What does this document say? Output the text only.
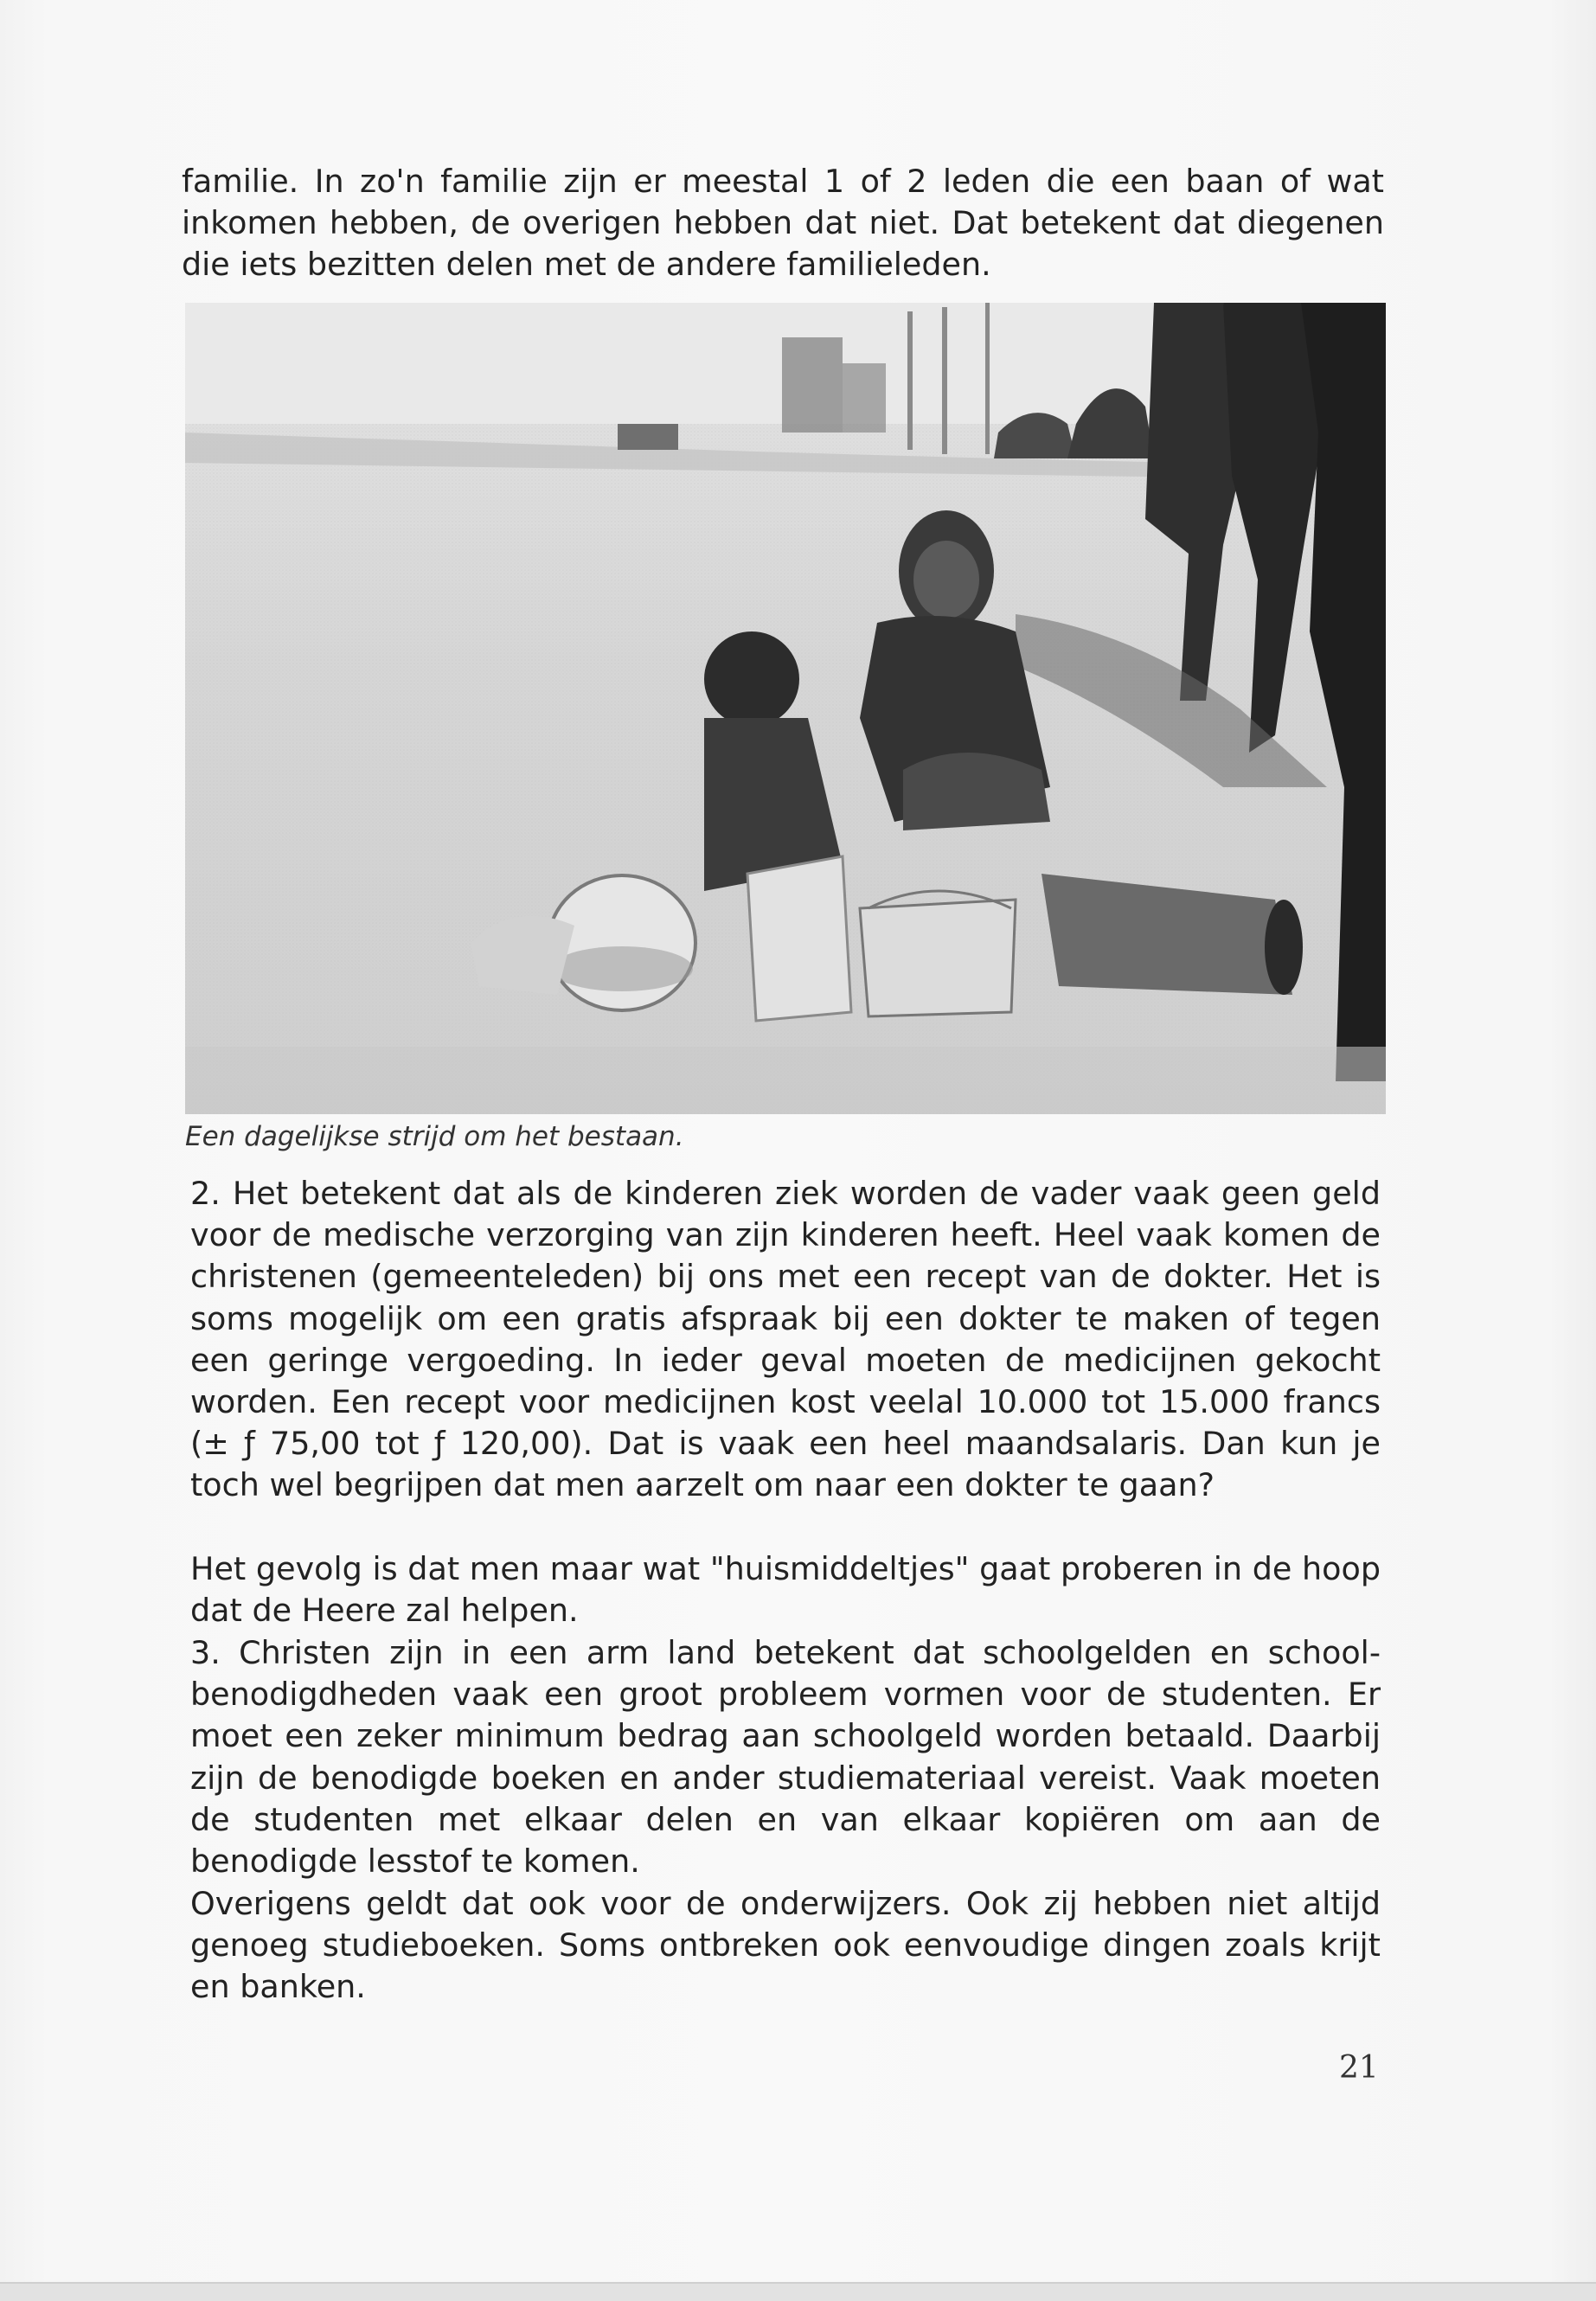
familie. In zo'n familie zijn er meestal 1 of 2 leden die een baan of wat inkomen hebben, de overigen hebben dat niet. Dat betekent dat diegenen die iets bezitten delen met de andere familieleden.

Een dagelijkse strijd om het bestaan.

2. Het betekent dat als de kinderen ziek worden de vader vaak geen geld voor de medische verzorging van zijn kinderen heeft. Heel vaak komen de christenen (gemeenteleden) bij ons met een recept van de dokter. Het is soms mogelijk om een gratis afspraak bij een dokter te maken of tegen een geringe vergoeding. In ieder geval moeten de medicijnen gekocht worden. Een recept voor medicijnen kost veelal 10.000 tot 15.000 francs (± ƒ 75,00 tot ƒ 120,00). Dat is vaak een heel maandsalaris. Dan kun je toch wel begrijpen dat men aarzelt om naar een dokter te gaan?

Het gevolg is dat men maar wat "huismiddeltjes" gaat proberen in de hoop dat de Heere zal helpen.

3. Christen zijn in een arm land betekent dat schoolgelden en schoolbenodigdheden vaak een groot probleem vormen voor de studenten. Er moet een zeker minimum bedrag aan schoolgeld worden betaald. Daarbij zijn de benodigde boeken en ander studiemateriaal vereist. Vaak moeten de studenten met elkaar delen en van elkaar kopiëren om aan de benodigde lesstof te komen.

Overigens geldt dat ook voor de onderwijzers. Ook zij hebben niet altijd genoeg studieboeken. Soms ontbreken ook eenvoudige dingen zoals krijt en banken.

21
